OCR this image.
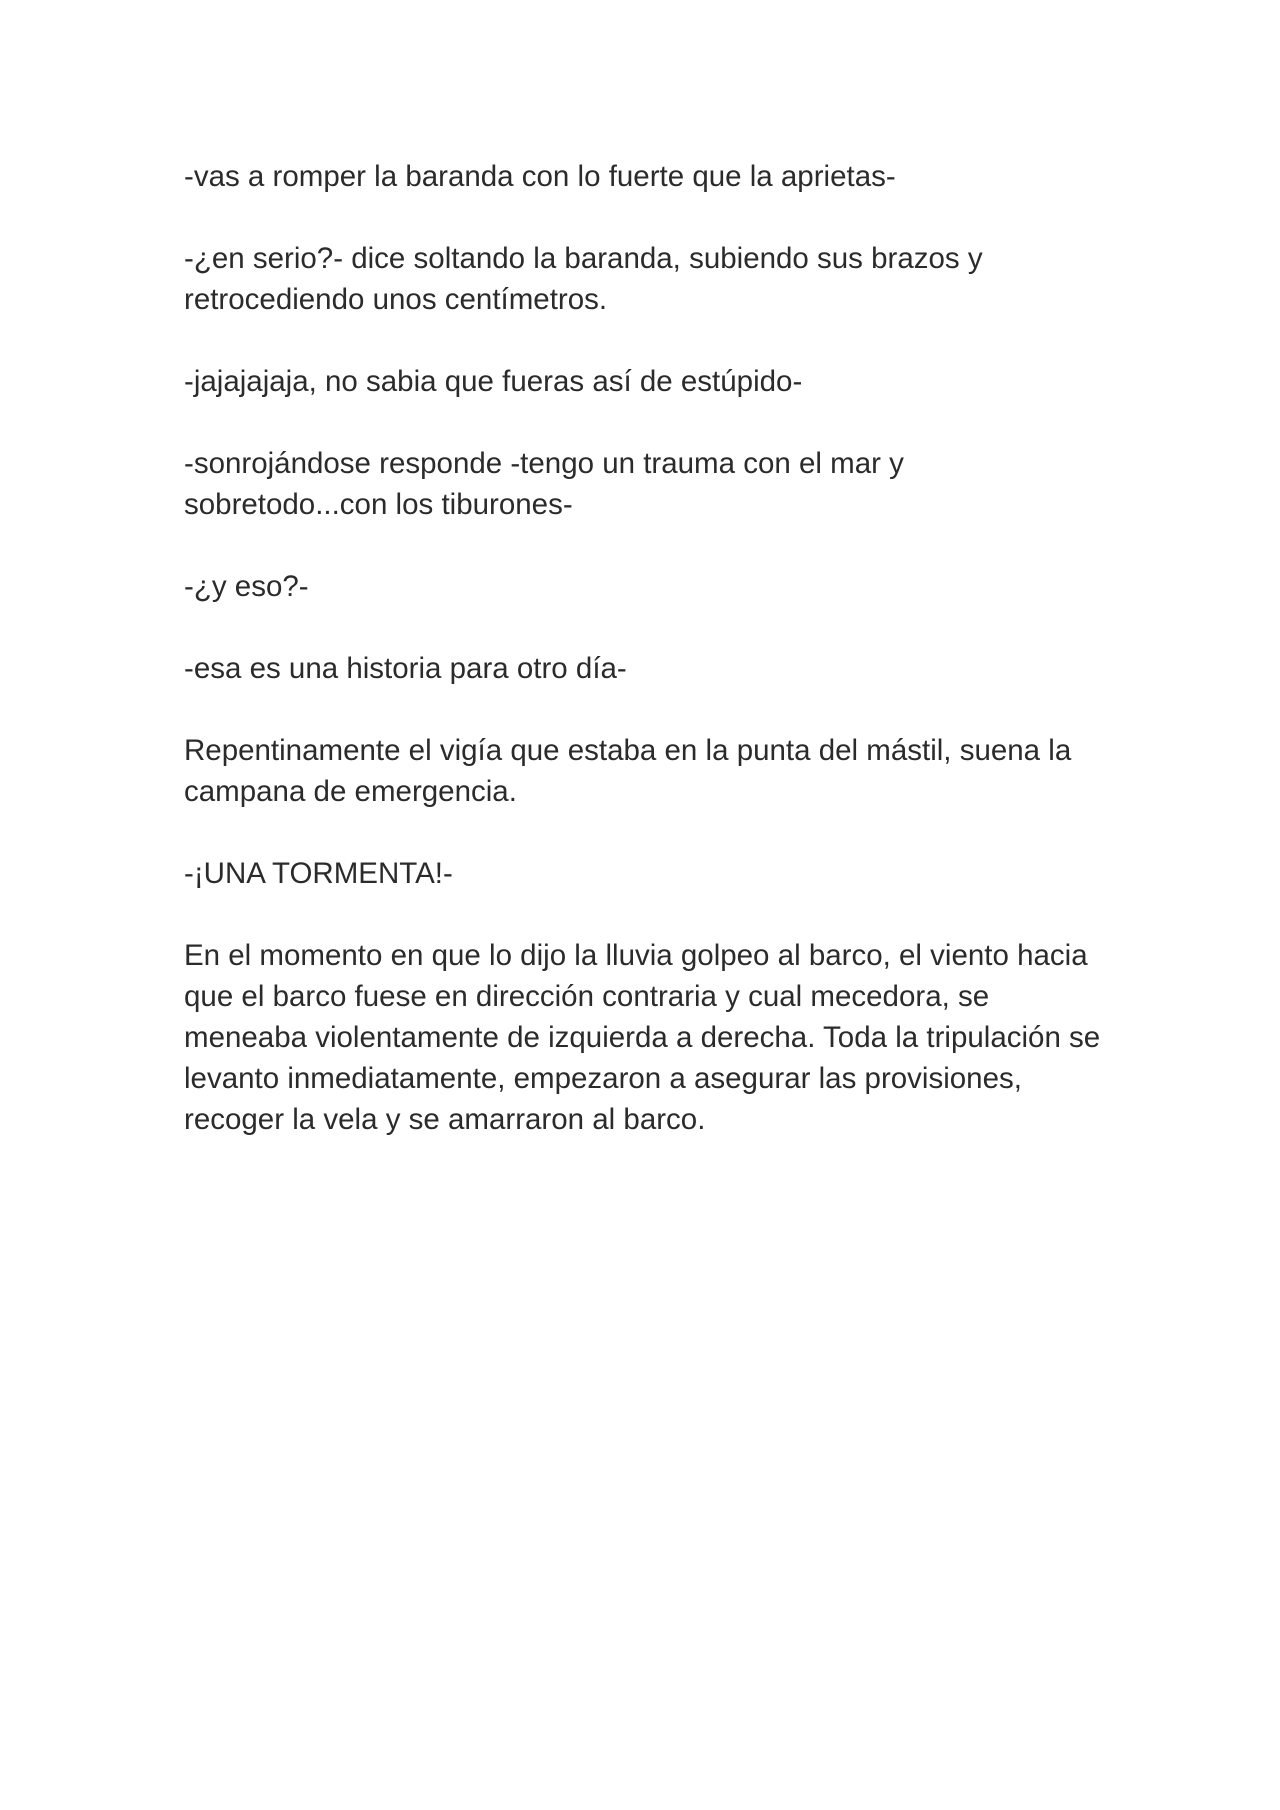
-vas a romper la baranda con lo fuerte que la aprietas-

-¿en serio?- dice soltando la baranda, subiendo sus brazos y retrocediendo unos centímetros.

-jajajajaja, no sabia que fueras así de estúpido-

-sonrojándose responde -tengo un trauma con el mar y sobretodo...con los tiburones-

-¿y eso?-

-esa es una historia para otro día-

Repentinamente el vigía que estaba en la punta del mástil, suena la campana de emergencia.

-¡UNA TORMENTA!-

En el momento en que lo dijo la lluvia golpeo al barco, el viento hacia que el barco fuese en dirección contraria y cual mecedora, se meneaba violentamente de izquierda a derecha. Toda la tripulación se levanto inmediatamente, empezaron a asegurar las provisiones, recoger la vela y se amarraron al barco.
